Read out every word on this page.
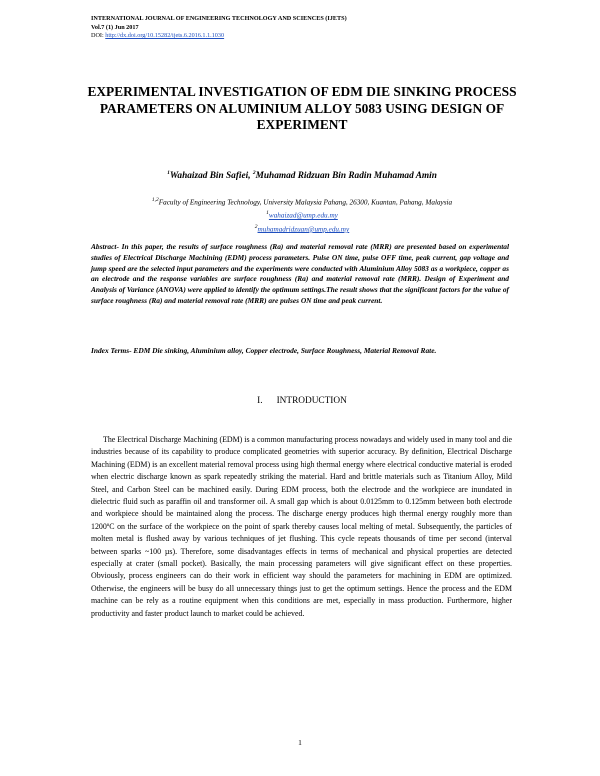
INTERNATIONAL JOURNAL OF ENGINEERING TECHNOLOGY AND SCIENCES (IJETS)
Vol.7 (1) Jun 2017
DOI: http://dx.doi.org/10.15282/ijets.6.2016.1.1.1030
EXPERIMENTAL INVESTIGATION OF EDM DIE SINKING PROCESS PARAMETERS ON ALUMINIUM ALLOY 5083 USING DESIGN OF EXPERIMENT
$^1$Wahaizad Bin Safiei, $^2$Muhamad Ridzuan Bin Radin Muhamad Amin
$^{1,2}$Faculty of Engineering Technology, University Malaysia Pahang, 26300, Kuantan, Pahang, Malaysia
$^1$wahaizad@ump.edu.my
$^2$muhamadridzuan@ump.edu.my

Abstract- In this paper, the results of surface roughness (Ra) and material removal rate (MRR) are presented based on experimental studies of Electrical Discharge Machining (EDM) process parameters. Pulse ON time, pulse OFF time, peak current, gap voltage and jump speed are the selected input parameters and the experiments were conducted with Aluminium Alloy 5083 as a workpiece, copper as an electrode and the response variables are surface roughness (Ra) and material removal rate (MRR). Design of Experiment and Analysis of Variance (ANOVA) were applied to identify the optimum settings.The result shows that the significant factors for the value of surface roughness (Ra) and material removal rate (MRR) are pulses ON time and peak current.

Index Terms- EDM Die sinking, Aluminium alloy, Copper electrode, Surface Roughness, Material Removal Rate.

I. INTRODUCTION

The Electrical Discharge Machining (EDM) is a common manufacturing process nowadays and widely used in many tool and die industries because of its capability to produce complicated geometries with superior accuracy. By definition, Electrical Discharge Machining (EDM) is an excellent material removal process using high thermal energy where electrical conductive material is eroded when electric discharge known as spark repeatedly striking the material. Hard and brittle materials such as Titanium Alloy, Mild Steel, and Carbon Steel can be machined easily. During EDM process, both the electrode and the workpiece are inundated in dielectric fluid such as paraffin oil and transformer oil. A small gap which is about 0.0125mm to 0.125mm between both electrode and workpiece should be maintained along the process. The discharge energy produces high thermal energy roughly more than 1200ºC on the surface of the workpiece on the point of spark thereby causes local melting of metal. Subsequently, the particles of molten metal is flushed away by various techniques of jet flushing. This cycle repeats thousands of time per second (interval between sparks ~100 µs). Therefore, some disadvantages effects in terms of mechanical and physical properties are detected especially at crater (small pocket). Basically, the main processing parameters will give significant effect on these properties. Obviously, process engineers can do their work in efficient way should the parameters for machining in EDM are optimized. Otherwise, the engineers will be busy do all unnecessary things just to get the optimum settings. Hence the process and the EDM machine can be rely as a routine equipment when this conditions are met, especially in mass production. Furthermore, higher productivity and faster product launch to market could be achieved.

1
